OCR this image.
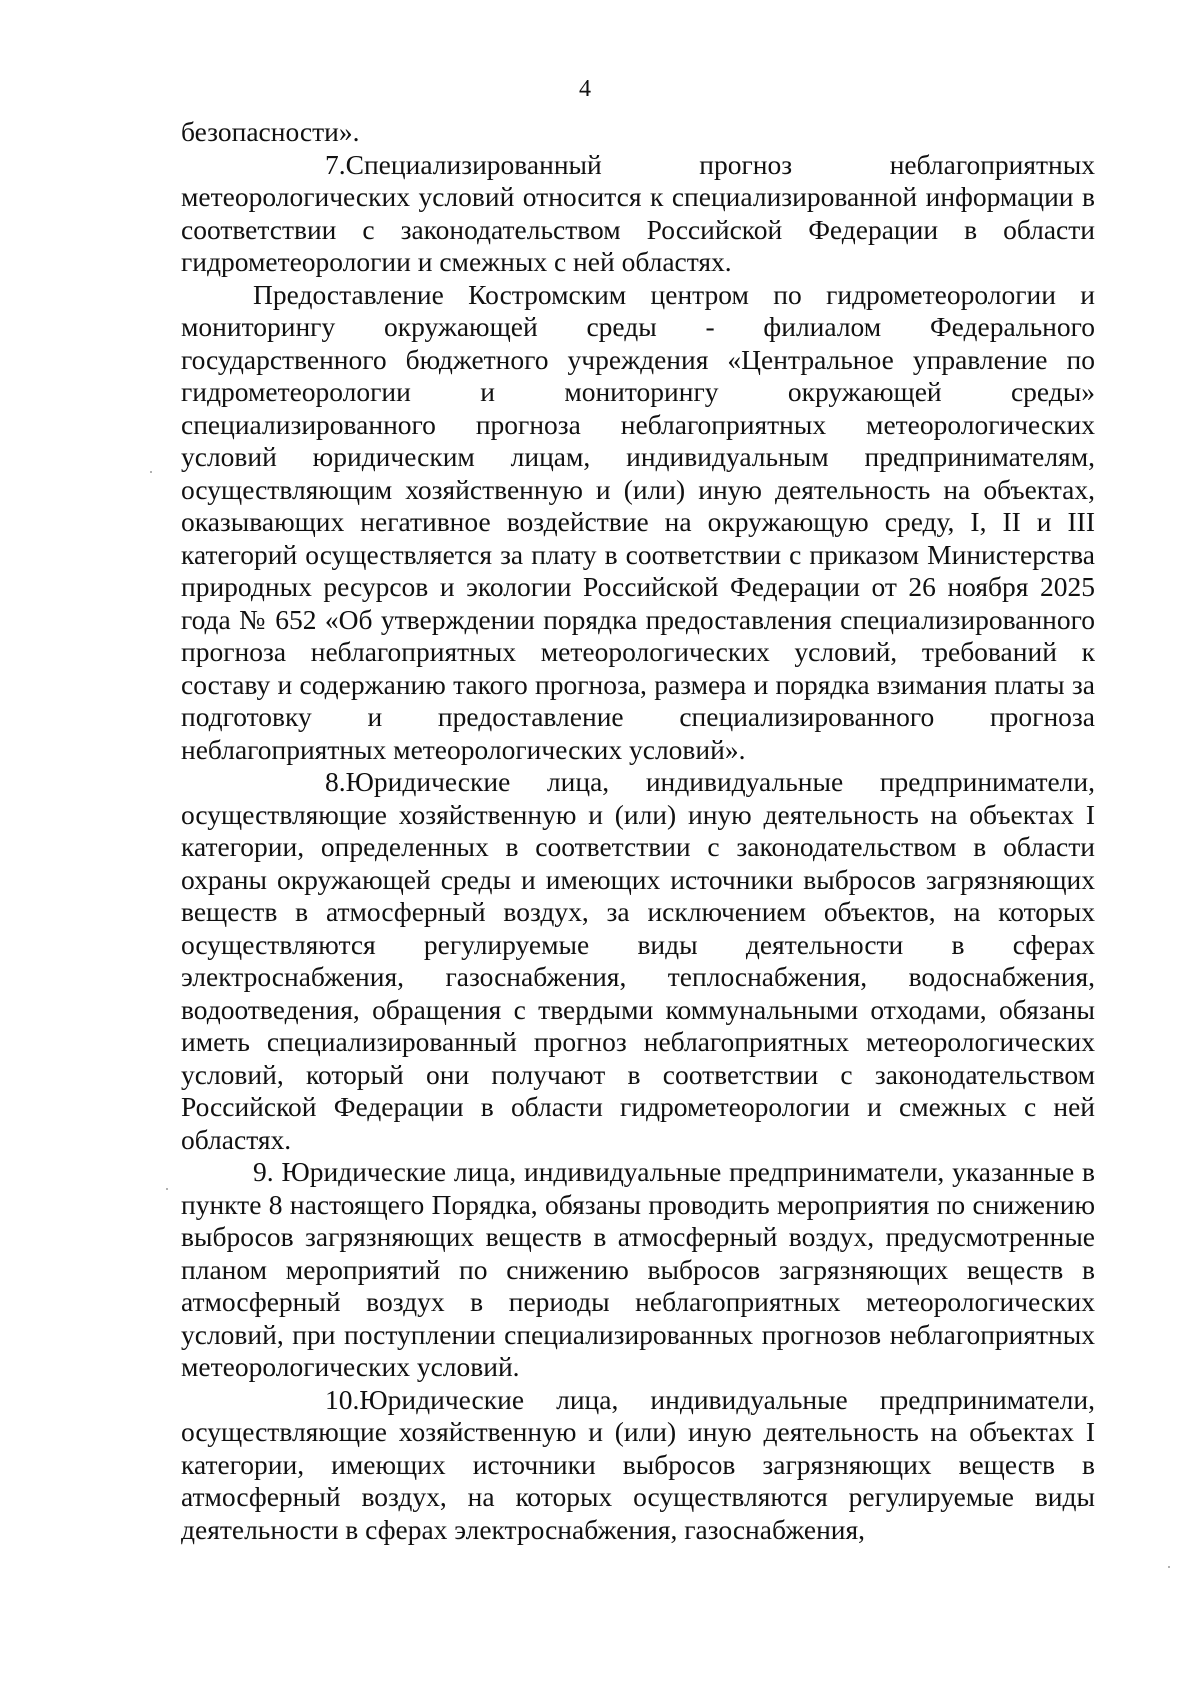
4

безопасности».

7.Специализированный прогноз неблагоприятных метеорологических условий относится к специализированной информации в соответствии с законодательством Российской Федерации в области гидрометеорологии и смежных с ней областях.

Предоставление Костромским центром по гидрометеорологии и мониторингу окружающей среды - филиалом Федерального государственного бюджетного учреждения «Центральное управление по гидрометеорологии и мониторингу окружающей среды» специализированного прогноза неблагоприятных метеорологических условий юридическим лицам, индивидуальным предпринимателям, осуществляющим хозяйственную и (или) иную деятельность на объектах, оказывающих негативное воздействие на окружающую среду, I, II и III категорий осуществляется за плату в соответствии с приказом Министерства природных ресурсов и экологии Российской Федерации от 26 ноября 2025 года № 652 «Об утверждении порядка предоставления специализированного прогноза неблагоприятных метеорологических условий, требований к составу и содержанию такого прогноза, размера и порядка взимания платы за подготовку и предоставление специализированного прогноза неблагоприятных метеорологических условий».

8.Юридические лица, индивидуальные предприниматели, осуществляющие хозяйственную и (или) иную деятельность на объектах I категории, определенных в соответствии с законодательством в области охраны окружающей среды и имеющих источники выбросов загрязняющих веществ в атмосферный воздух, за исключением объектов, на которых осуществляются регулируемые виды деятельности в сферах электроснабжения, газоснабжения, теплоснабжения, водоснабжения, водоотведения, обращения с твердыми коммунальными отходами, обязаны иметь специализированный прогноз неблагоприятных метеорологических условий, который они получают в соответствии с законодательством Российской Федерации в области гидрометеорологии и смежных с ней областях.

9. Юридические лица, индивидуальные предприниматели, указанные в пункте 8 настоящего Порядка, обязаны проводить мероприятия по снижению выбросов загрязняющих веществ в атмосферный воздух, предусмотренные планом мероприятий по снижению выбросов загрязняющих веществ в атмосферный воздух в периоды неблагоприятных метеорологических условий, при поступлении специализированных прогнозов неблагоприятных метеорологических условий.

10.Юридические лица, индивидуальные предприниматели, осуществляющие хозяйственную и (или) иную деятельность на объектах I категории, имеющих источники выбросов загрязняющих веществ в атмосферный воздух, на которых осуществляются регулируемые виды деятельности в сферах электроснабжения, газоснабжения,
